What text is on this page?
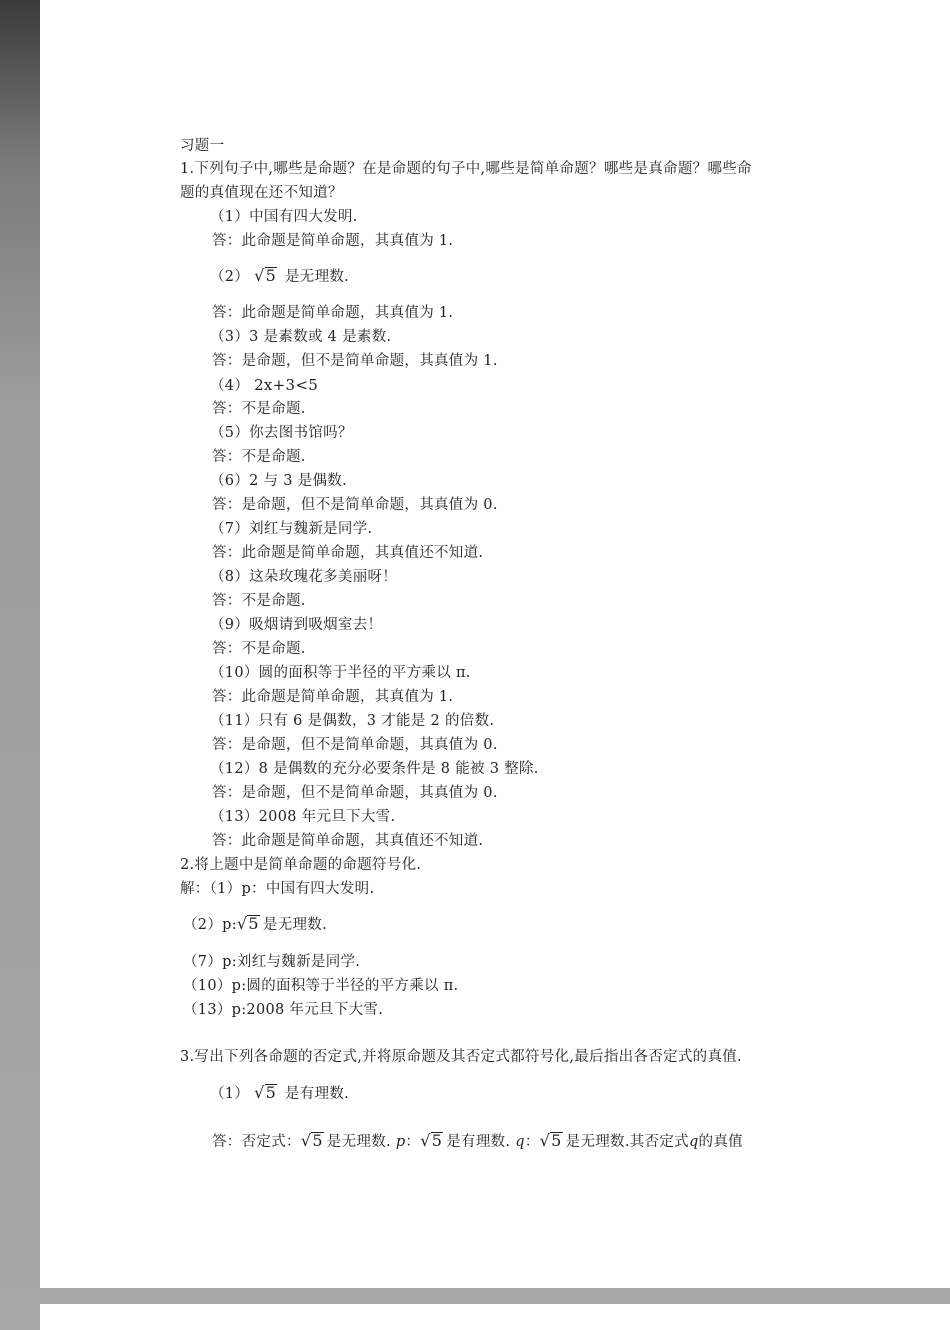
习题一
1.下列句子中,哪些是命题？在是命题的句子中,哪些是简单命题？哪些是真命题？哪些命
题的真值现在还不知道？
（1）中国有四大发明.
答：此命题是简单命题，其真值为 1.
（2） √5 是无理数.
答：此命题是简单命题，其真值为 1.
（3）3 是素数或 4 是素数.
答：是命题，但不是简单命题，其真值为 1.
（4） 2x+3<5
答：不是命题.
（5）你去图书馆吗？
答：不是命题.
（6）2 与 3 是偶数.
答：是命题，但不是简单命题，其真值为 0.
（7）刘红与魏新是同学.
答：此命题是简单命题，其真值还不知道.
（8）这朵玫瑰花多美丽呀！
答：不是命题.
（9）吸烟请到吸烟室去！
答：不是命题.
（10）圆的面积等于半径的平方乘以 π.
答：此命题是简单命题，其真值为 1.
（11）只有 6 是偶数，3 才能是 2 的倍数.
答：是命题，但不是简单命题，其真值为 0.
（12）8 是偶数的充分必要条件是 8 能被 3 整除.
答：是命题，但不是简单命题，其真值为 0.
（13）2008 年元旦下大雪.
答：此命题是简单命题，其真值还不知道.
2.将上题中是简单命题的命题符号化.
解：（1）p：中国有四大发明.
（2）p:√5 是无理数.
（7）p:刘红与魏新是同学.
（10）p:圆的面积等于半径的平方乘以 π.
（13）p:2008 年元旦下大雪.
3.写出下列各命题的否定式,并将原命题及其否定式都符号化,最后指出各否定式的真值.
（1） √5 是有理数.
答：否定式：√5 是无理数. p：√5 是有理数. q：√5 是无理数.其否定式q的真值
